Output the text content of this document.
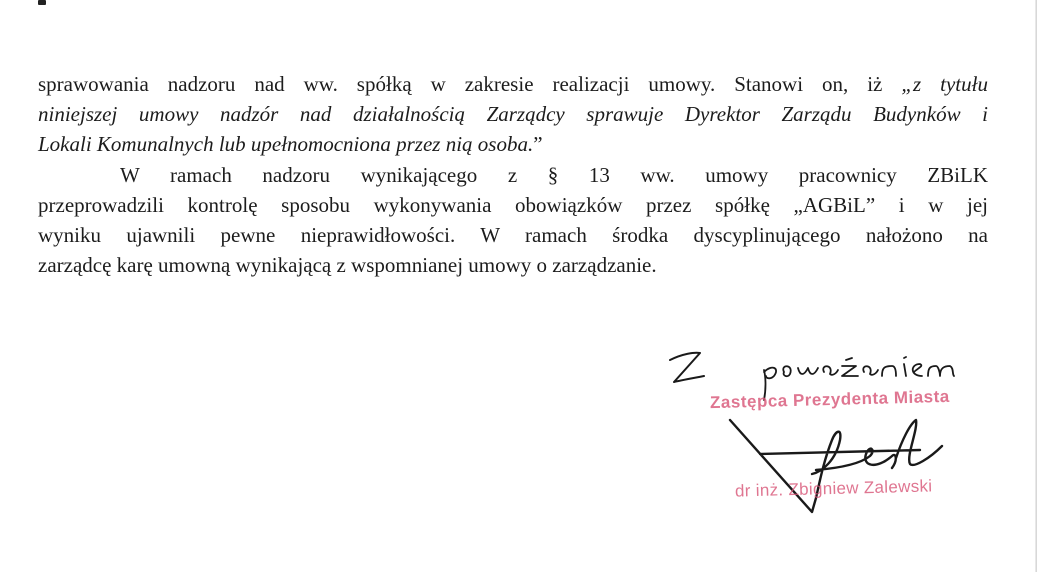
sprawowania nadzoru nad ww. spółką w zakresie realizacji umowy. Stanowi on, iż „z tytułu
niniejszej umowy nadzór nad działalnością Zarządcy sprawuje Dyrektor Zarządu Budynków i
Lokali Komunalnych lub upełnomocniona przez nią osoba.”
W ramach nadzoru wynikającego z § 13 ww. umowy pracownicy ZBiLK
przeprowadzili kontrolę sposobu wykonywania obowiązków przez spółkę „AGBiL” i w jej
wyniku ujawnili pewne nieprawidłowości. W ramach środka dyscyplinującego nałożono na
zarządcę karę umowną wynikającą z wspomnianej umowy o zarządzanie.
Zastępca Prezydenta Miasta
dr inż. Zbigniew Zalewski
